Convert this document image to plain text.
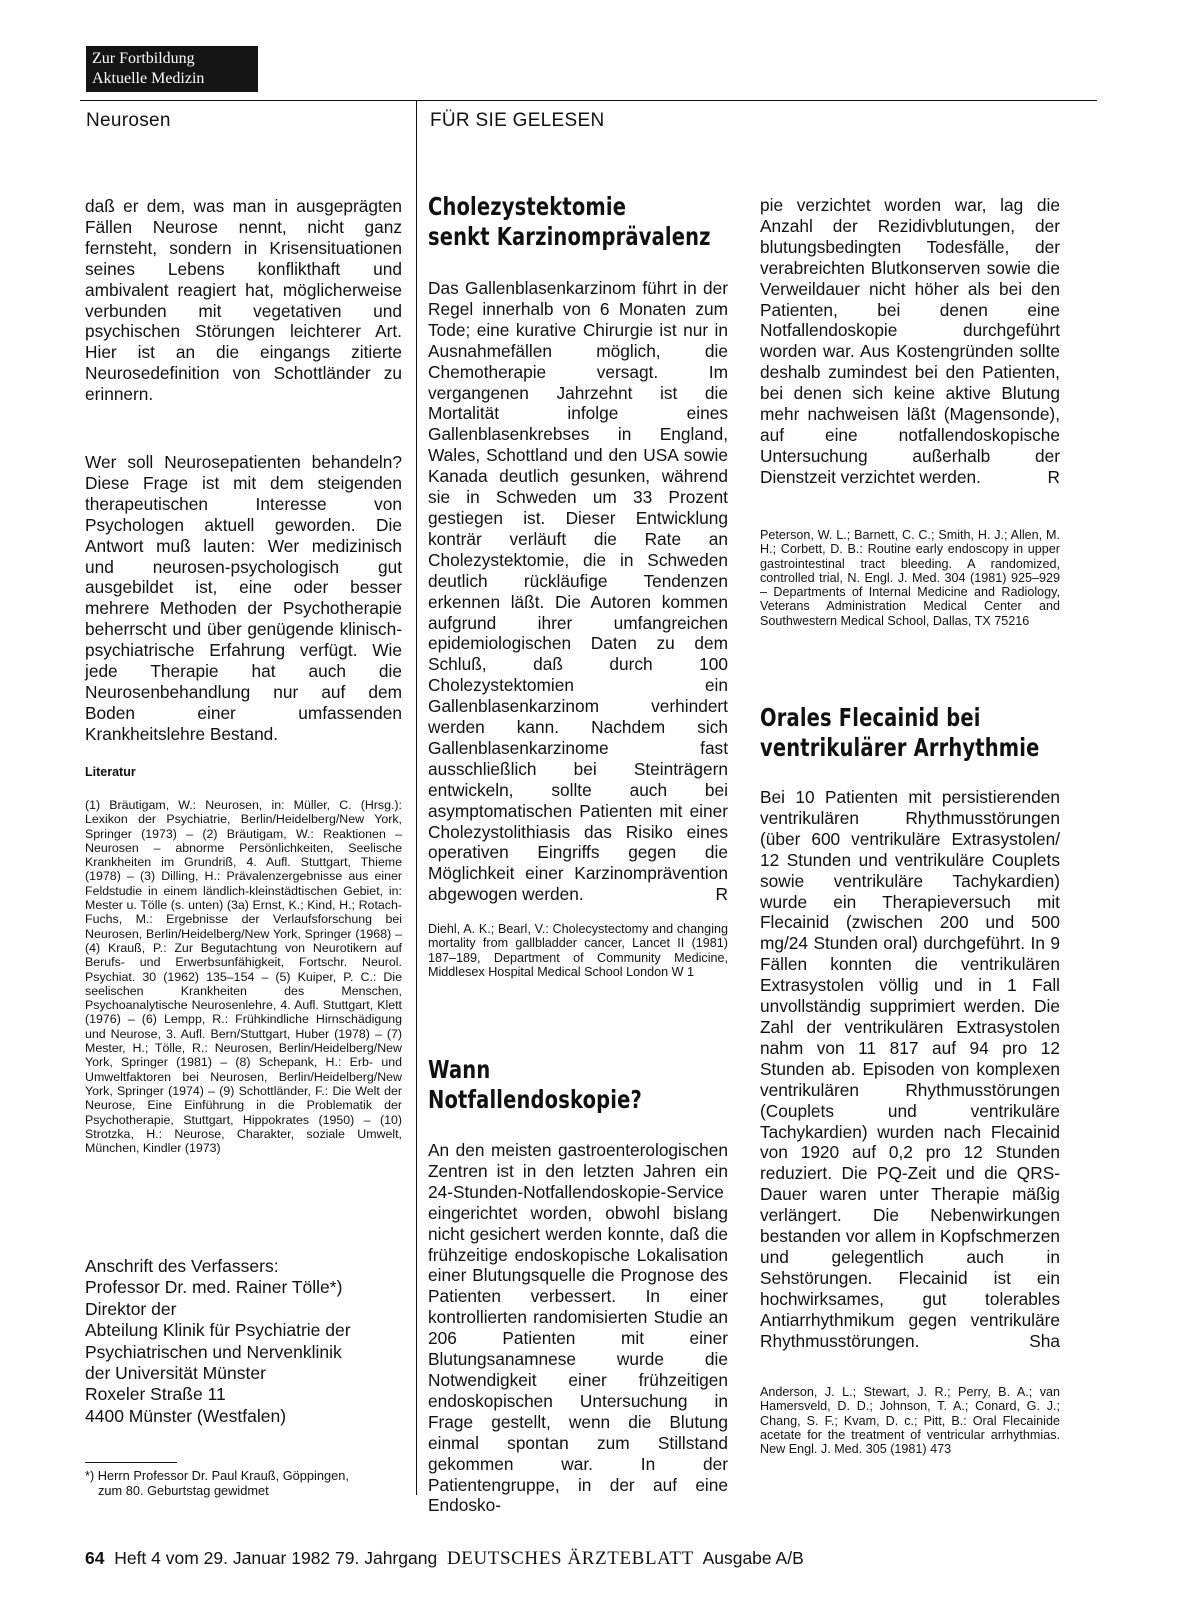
Zur Fortbildung
Aktuelle Medizin
Neurosen	FÜR SIE GELESEN
daß er dem, was man in ausgeprägten Fällen Neurose nennt, nicht ganz fernsteht, sondern in Krisensituationen seines Lebens konflikthaft und ambivalent reagiert hat, möglicherweise verbunden mit vegetativen und psychischen Störungen leichterer Art. Hier ist an die eingangs zitierte Neurosedefinition von Schottländer zu erinnern.
Wer soll Neurosepatienten behandeln? Diese Frage ist mit dem steigenden therapeutischen Interesse von Psychologen aktuell geworden. Die Antwort muß lauten: Wer medizinisch und neurosen-psychologisch gut ausgebildet ist, eine oder besser mehrere Methoden der Psychotherapie beherrscht und über genügende klinisch-psychiatrische Erfahrung verfügt. Wie jede Therapie hat auch die Neurosenbehandlung nur auf dem Boden einer umfassenden Krankheitslehre Bestand.
Literatur
(1) Bräutigam, W.: Neurosen, in: Müller, C. (Hrsg.): Lexikon der Psychiatrie, Berlin/Heidelberg/New York, Springer (1973) – (2) Bräutigam, W.: Reaktionen – Neurosen – abnorme Persönlichkeiten, Seelische Krankheiten im Grundriß, 4. Aufl. Stuttgart, Thieme (1978) – (3) Dilling, H.: Prävalenzergebnisse aus einer Feldstudie in einem ländlich-kleinstädtischen Gebiet, in: Mester u. Tölle (s. unten) (3a) Ernst, K.; Kind, H.; Rotach-Fuchs, M.: Ergebnisse der Verlaufsforschung bei Neurosen, Berlin/Heidelberg/New York, Springer (1968) – (4) Krauß, P.: Zur Begutachtung von Neurotikern auf Berufs- und Erwerbsunfähigkeit, Fortschr. Neurol. Psychiat. 30 (1962) 135–154 – (5) Kuiper, P. C.: Die seelischen Krankheiten des Menschen, Psychoanalytische Neurosenlehre, 4. Aufl. Stuttgart, Klett (1976) – (6) Lempp, R.: Frühkindliche Hirnschädigung und Neurose, 3. Aufl. Bern/Stuttgart, Huber (1978) – (7) Mester, H.; Tölle, R.: Neurosen, Berlin/Heidelberg/New York, Springer (1981) – (8) Schepank, H.: Erb- und Umweltfaktoren bei Neurosen, Berlin/Heidelberg/New York, Springer (1974) – (9) Schottländer, F.: Die Welt der Neurose, Eine Einführung in die Problematik der Psychotherapie, Stuttgart, Hippokrates (1950) – (10) Strotzka, H.: Neurose, Charakter, soziale Umwelt, München, Kindler (1973)
Anschrift des Verfassers:
Professor Dr. med. Rainer Tölle*)
Direktor der
Abteilung Klinik für Psychiatrie der
Psychiatrischen und Nervenklinik
der Universität Münster
Roxeler Straße 11
4400 Münster (Westfalen)
*) Herrn Professor Dr. Paul Krauß, Göppingen,
zum 80. Geburtstag gewidmet
Cholezystektomie
senkt Karzinomprävalenz
Das Gallenblasenkarzinom führt in der Regel innerhalb von 6 Monaten zum Tode; eine kurative Chirurgie ist nur in Ausnahmefällen möglich, die Chemotherapie versagt. Im vergangenen Jahrzehnt ist die Mortalität infolge eines Gallenblasenkrebses in England, Wales, Schottland und den USA sowie Kanada deutlich gesunken, während sie in Schweden um 33 Prozent gestiegen ist. Dieser Entwicklung konträr verläuft die Rate an Cholezystektomie, die in Schweden deutlich rückläufige Tendenzen erkennen läßt. Die Autoren kommen aufgrund ihrer umfangreichen epidemiologischen Daten zu dem Schluß, daß durch 100 Cholezystektomien ein Gallenblasenkarzinom verhindert werden kann. Nachdem sich Gallenblasenkarzinome fast ausschließlich bei Steinträgern entwickeln, sollte auch bei asymptomatischen Patienten mit einer Cholezystolithiasis das Risiko eines operativen Eingriffs gegen die Möglichkeit einer Karzinomprävention abgewogen werden.	R
Diehl, A. K.; Bearl, V.: Cholecystectomy and changing mortality from gallbladder cancer, Lancet II (1981) 187–189, Department of Community Medicine, Middlesex Hospital Medical School London W 1
Wann
Notfallendoskopie?
An den meisten gastroenterologischen Zentren ist in den letzten Jahren ein 24-Stunden-Notfallendoskopie-Service eingerichtet worden, obwohl bislang nicht gesichert werden konnte, daß die frühzeitige endoskopische Lokalisation einer Blutungsquelle die Prognose des Patienten verbessert. In einer kontrollierten randomisierten Studie an 206 Patienten mit einer Blutungsanamnese wurde die Notwendigkeit einer frühzeitigen endoskopischen Untersuchung in Frage gestellt, wenn die Blutung einmal spontan zum Stillstand gekommen war. In der Patientengruppe, in der auf eine Endosko-
pie verzichtet worden war, lag die Anzahl der Rezidivblutungen, der blutungsbedingten Todesfälle, der verabreichten Blutkonserven sowie die Verweildauer nicht höher als bei den Patienten, bei denen eine Notfallendoskopie durchgeführt worden war. Aus Kostengründen sollte deshalb zumindest bei den Patienten, bei denen sich keine aktive Blutung mehr nachweisen läßt (Magensonde), auf eine notfallendoskopische Untersuchung außerhalb der Dienstzeit verzichtet werden.	R
Peterson, W. L.; Barnett, C. C.; Smith, H. J.; Allen, M. H.; Corbett, D. B.: Routine early endoscopy in upper gastrointestinal tract bleeding. A randomized, controlled trial, N. Engl. J. Med. 304 (1981) 925–929 – Departments of Internal Medicine and Radiology, Veterans Administration Medical Center and Southwestern Medical School, Dallas, TX 75216
Orales Flecainid bei
ventrikulärer Arrhythmie
Bei 10 Patienten mit persistierenden ventrikulären Rhythmusstörungen (über 600 ventrikuläre Extrasystolen/ 12 Stunden und ventrikuläre Couplets sowie ventrikuläre Tachykardien) wurde ein Therapieversuch mit Flecainid (zwischen 200 und 500 mg/24 Stunden oral) durchgeführt. In 9 Fällen konnten die ventrikulären Extrasystolen völlig und in 1 Fall unvollständig supprimiert werden. Die Zahl der ventrikulären Extrasystolen nahm von 11 817 auf 94 pro 12 Stunden ab. Episoden von komplexen ventrikulären Rhythmusstörungen (Couplets und ventrikuläre Tachykardien) wurden nach Flecainid von 1920 auf 0,2 pro 12 Stunden reduziert. Die PQ-Zeit und die QRS-Dauer waren unter Therapie mäßig verlängert. Die Nebenwirkungen bestanden vor allem in Kopfschmerzen und gelegentlich auch in Sehstörungen. Flecainid ist ein hochwirksames, gut tolerables Antiarrhythmikum gegen ventrikuläre Rhythmusstörungen.	Sha
Anderson, J. L.; Stewart, J. R.; Perry, B. A.; van Hamersveld, D. D.; Johnson, T. A.; Conard, G. J.; Chang, S. F.; Kvam, D. c.; Pitt, B.: Oral Flecainide acetate for the treatment of ventricular arrhythmias. New Engl. J. Med. 305 (1981) 473
64 Heft 4 vom 29. Januar 1982 79. Jahrgang DEUTSCHES ÄRZTEBLATT Ausgabe A/B
